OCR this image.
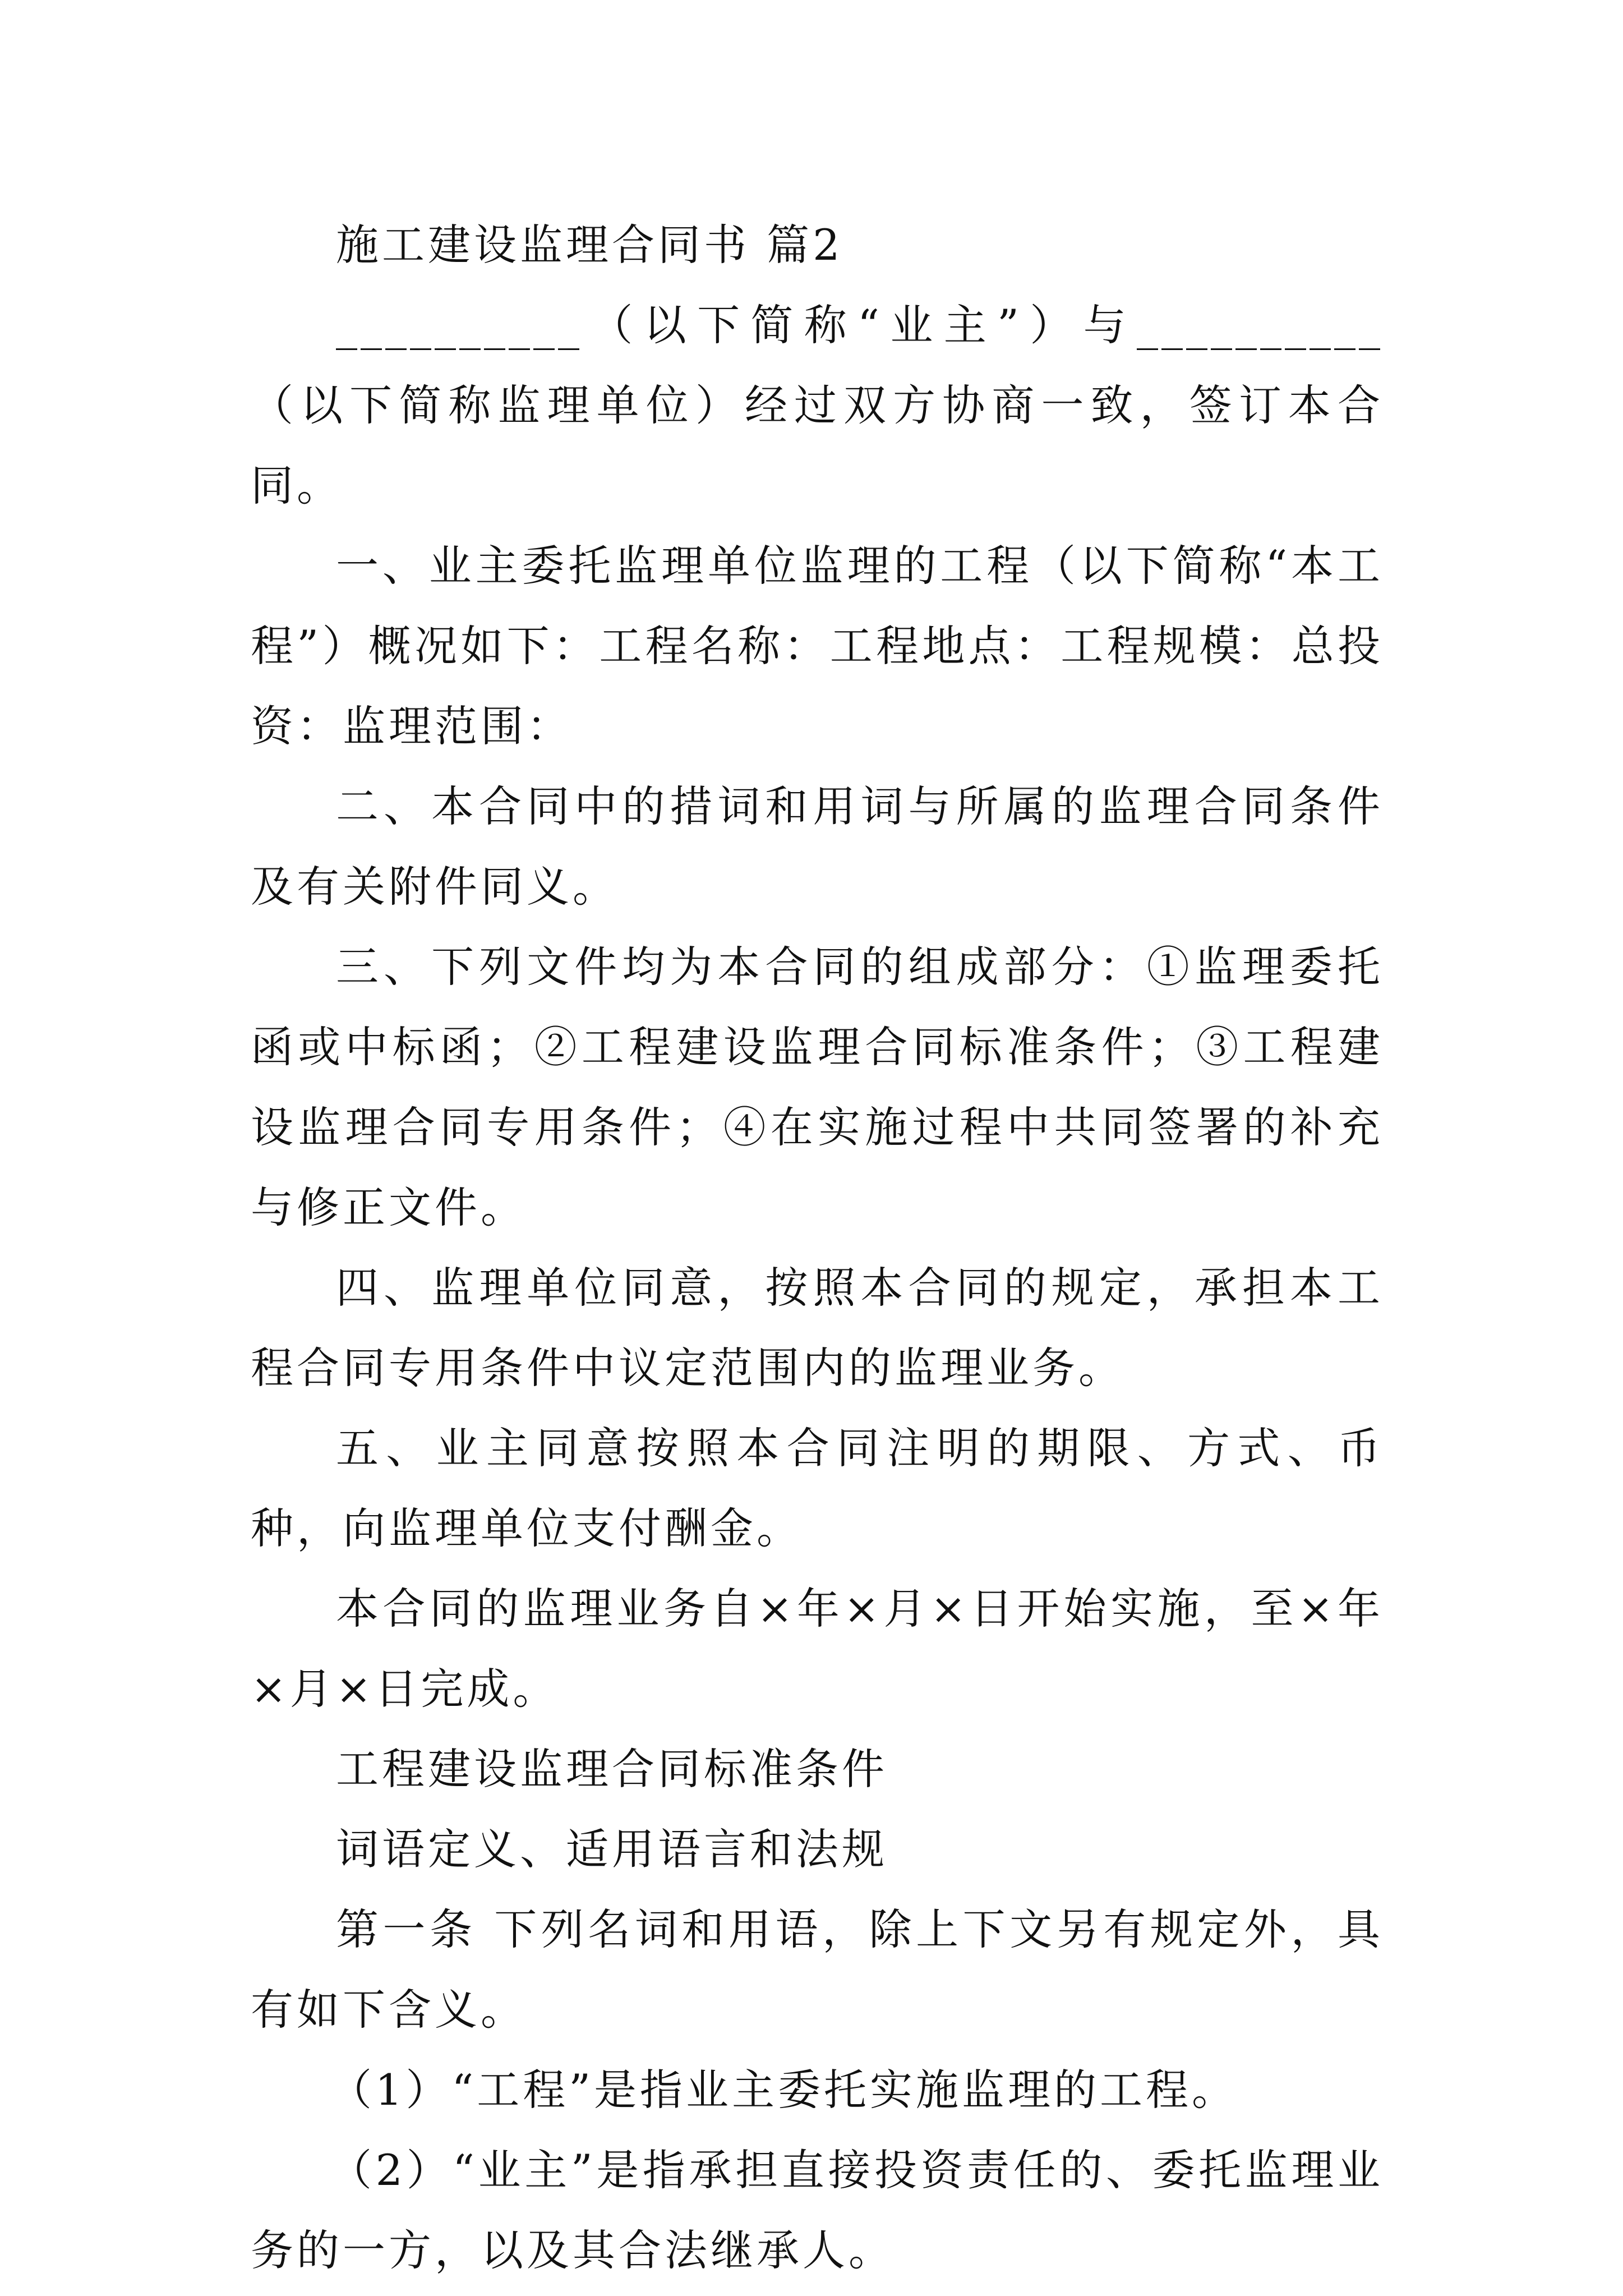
施工建设监理合同书 篇2

__________（以下简称“业主”）与__________（以下简称监理单位）经过双方协商一致，签订本合同。

一、业主委托监理单位监理的工程（以下简称“本工程”）概况如下：工程名称：工程地点：工程规模：总投资：监理范围：

二、本合同中的措词和用词与所属的监理合同条件及有关附件同义。

三、下列文件均为本合同的组成部分：①监理委托函或中标函；②工程建设监理合同标准条件；③工程建设监理合同专用条件；④在实施过程中共同签署的补充与修正文件。

四、监理单位同意，按照本合同的规定，承担本工程合同专用条件中议定范围内的监理业务。

五、业主同意按照本合同注明的期限、方式、币种，向监理单位支付酬金。

本合同的监理业务自×年×月×日开始实施，至×年×月×日完成。

工程建设监理合同标准条件

词语定义、适用语言和法规

第一条 下列名词和用语，除上下文另有规定外，具有如下含义。

（1）“工程”是指业主委托实施监理的工程。

（2）“业主”是指承担直接投资责任的、委托监理业务的一方，以及其合法继承人。
